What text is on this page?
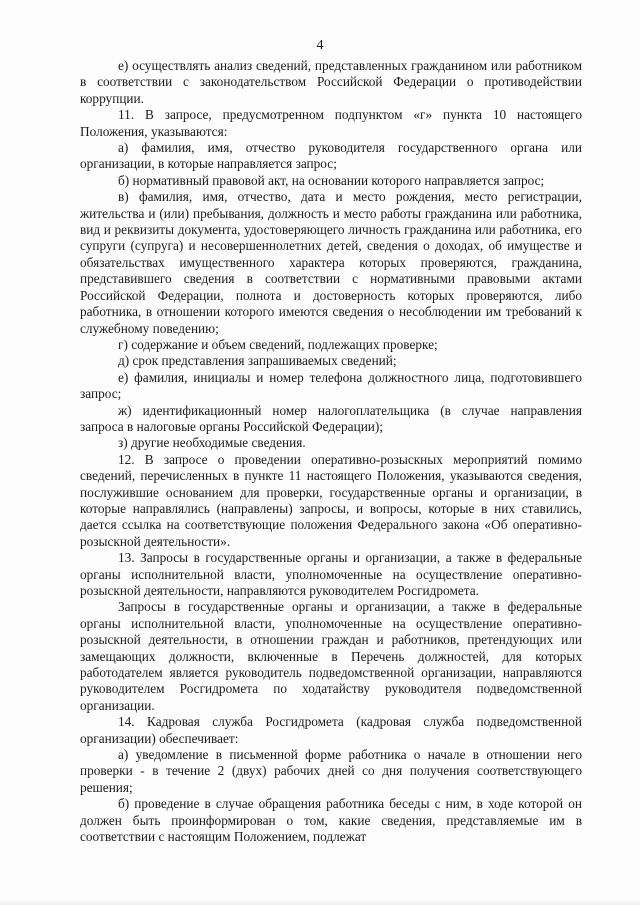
4

е) осуществлять анализ сведений, представленных гражданином или работником в соответствии с законодательством Российской Федерации о противодействии коррупции.

11. В запросе, предусмотренном подпунктом «г» пункта 10 настоящего Положения, указываются:

а) фамилия, имя, отчество руководителя государственного органа или организации, в которые направляется запрос;

б) нормативный правовой акт, на основании которого направляется запрос;

в) фамилия, имя, отчество, дата и место рождения, место регистрации, жительства и (или) пребывания, должность и место работы гражданина или работника, вид и реквизиты документа, удостоверяющего личность гражданина или работника, его супруги (супруга) и несовершеннолетних детей, сведения о доходах, об имуществе и обязательствах имущественного характера которых проверяются, гражданина, представившего сведения в соответствии с нормативными правовыми актами Российской Федерации, полнота и достоверность которых проверяются, либо работника, в отношении которого имеются сведения о несоблюдении им требований к служебному поведению;

г) содержание и объем сведений, подлежащих проверке;

д) срок представления запрашиваемых сведений;

е) фамилия, инициалы и номер телефона должностного лица, подготовившего запрос;

ж) идентификационный номер налогоплательщика (в случае направления запроса в налоговые органы Российской Федерации);

з) другие необходимые сведения.

12. В запросе о проведении оперативно-розыскных мероприятий помимо сведений, перечисленных в пункте 11 настоящего Положения, указываются сведения, послужившие основанием для проверки, государственные органы и организации, в которые направлялись (направлены) запросы, и вопросы, которые в них ставились, дается ссылка на соответствующие положения Федерального закона «Об оперативно-розыскной деятельности».

13. Запросы в государственные органы и организации, а также в федеральные органы исполнительной власти, уполномоченные на осуществление оперативно-розыскной деятельности, направляются руководителем Росгидромета.

Запросы в государственные органы и организации, а также в федеральные органы исполнительной власти, уполномоченные на осуществление оперативно-розыскной деятельности, в отношении граждан и работников, претендующих или замещающих должности, включенные в Перечень должностей, для которых работодателем является руководитель подведомственной организации, направляются руководителем Росгидромета по ходатайству руководителя подведомственной организации.

14. Кадровая служба Росгидромета (кадровая служба подведомственной организации) обеспечивает:

а) уведомление в письменной форме работника о начале в отношении него проверки - в течение 2 (двух) рабочих дней со дня получения соответствующего решения;

б) проведение в случае обращения работника беседы с ним, в ходе которой он должен быть проинформирован о том, какие сведения, представляемые им в соответствии с настоящим Положением, подлежат
